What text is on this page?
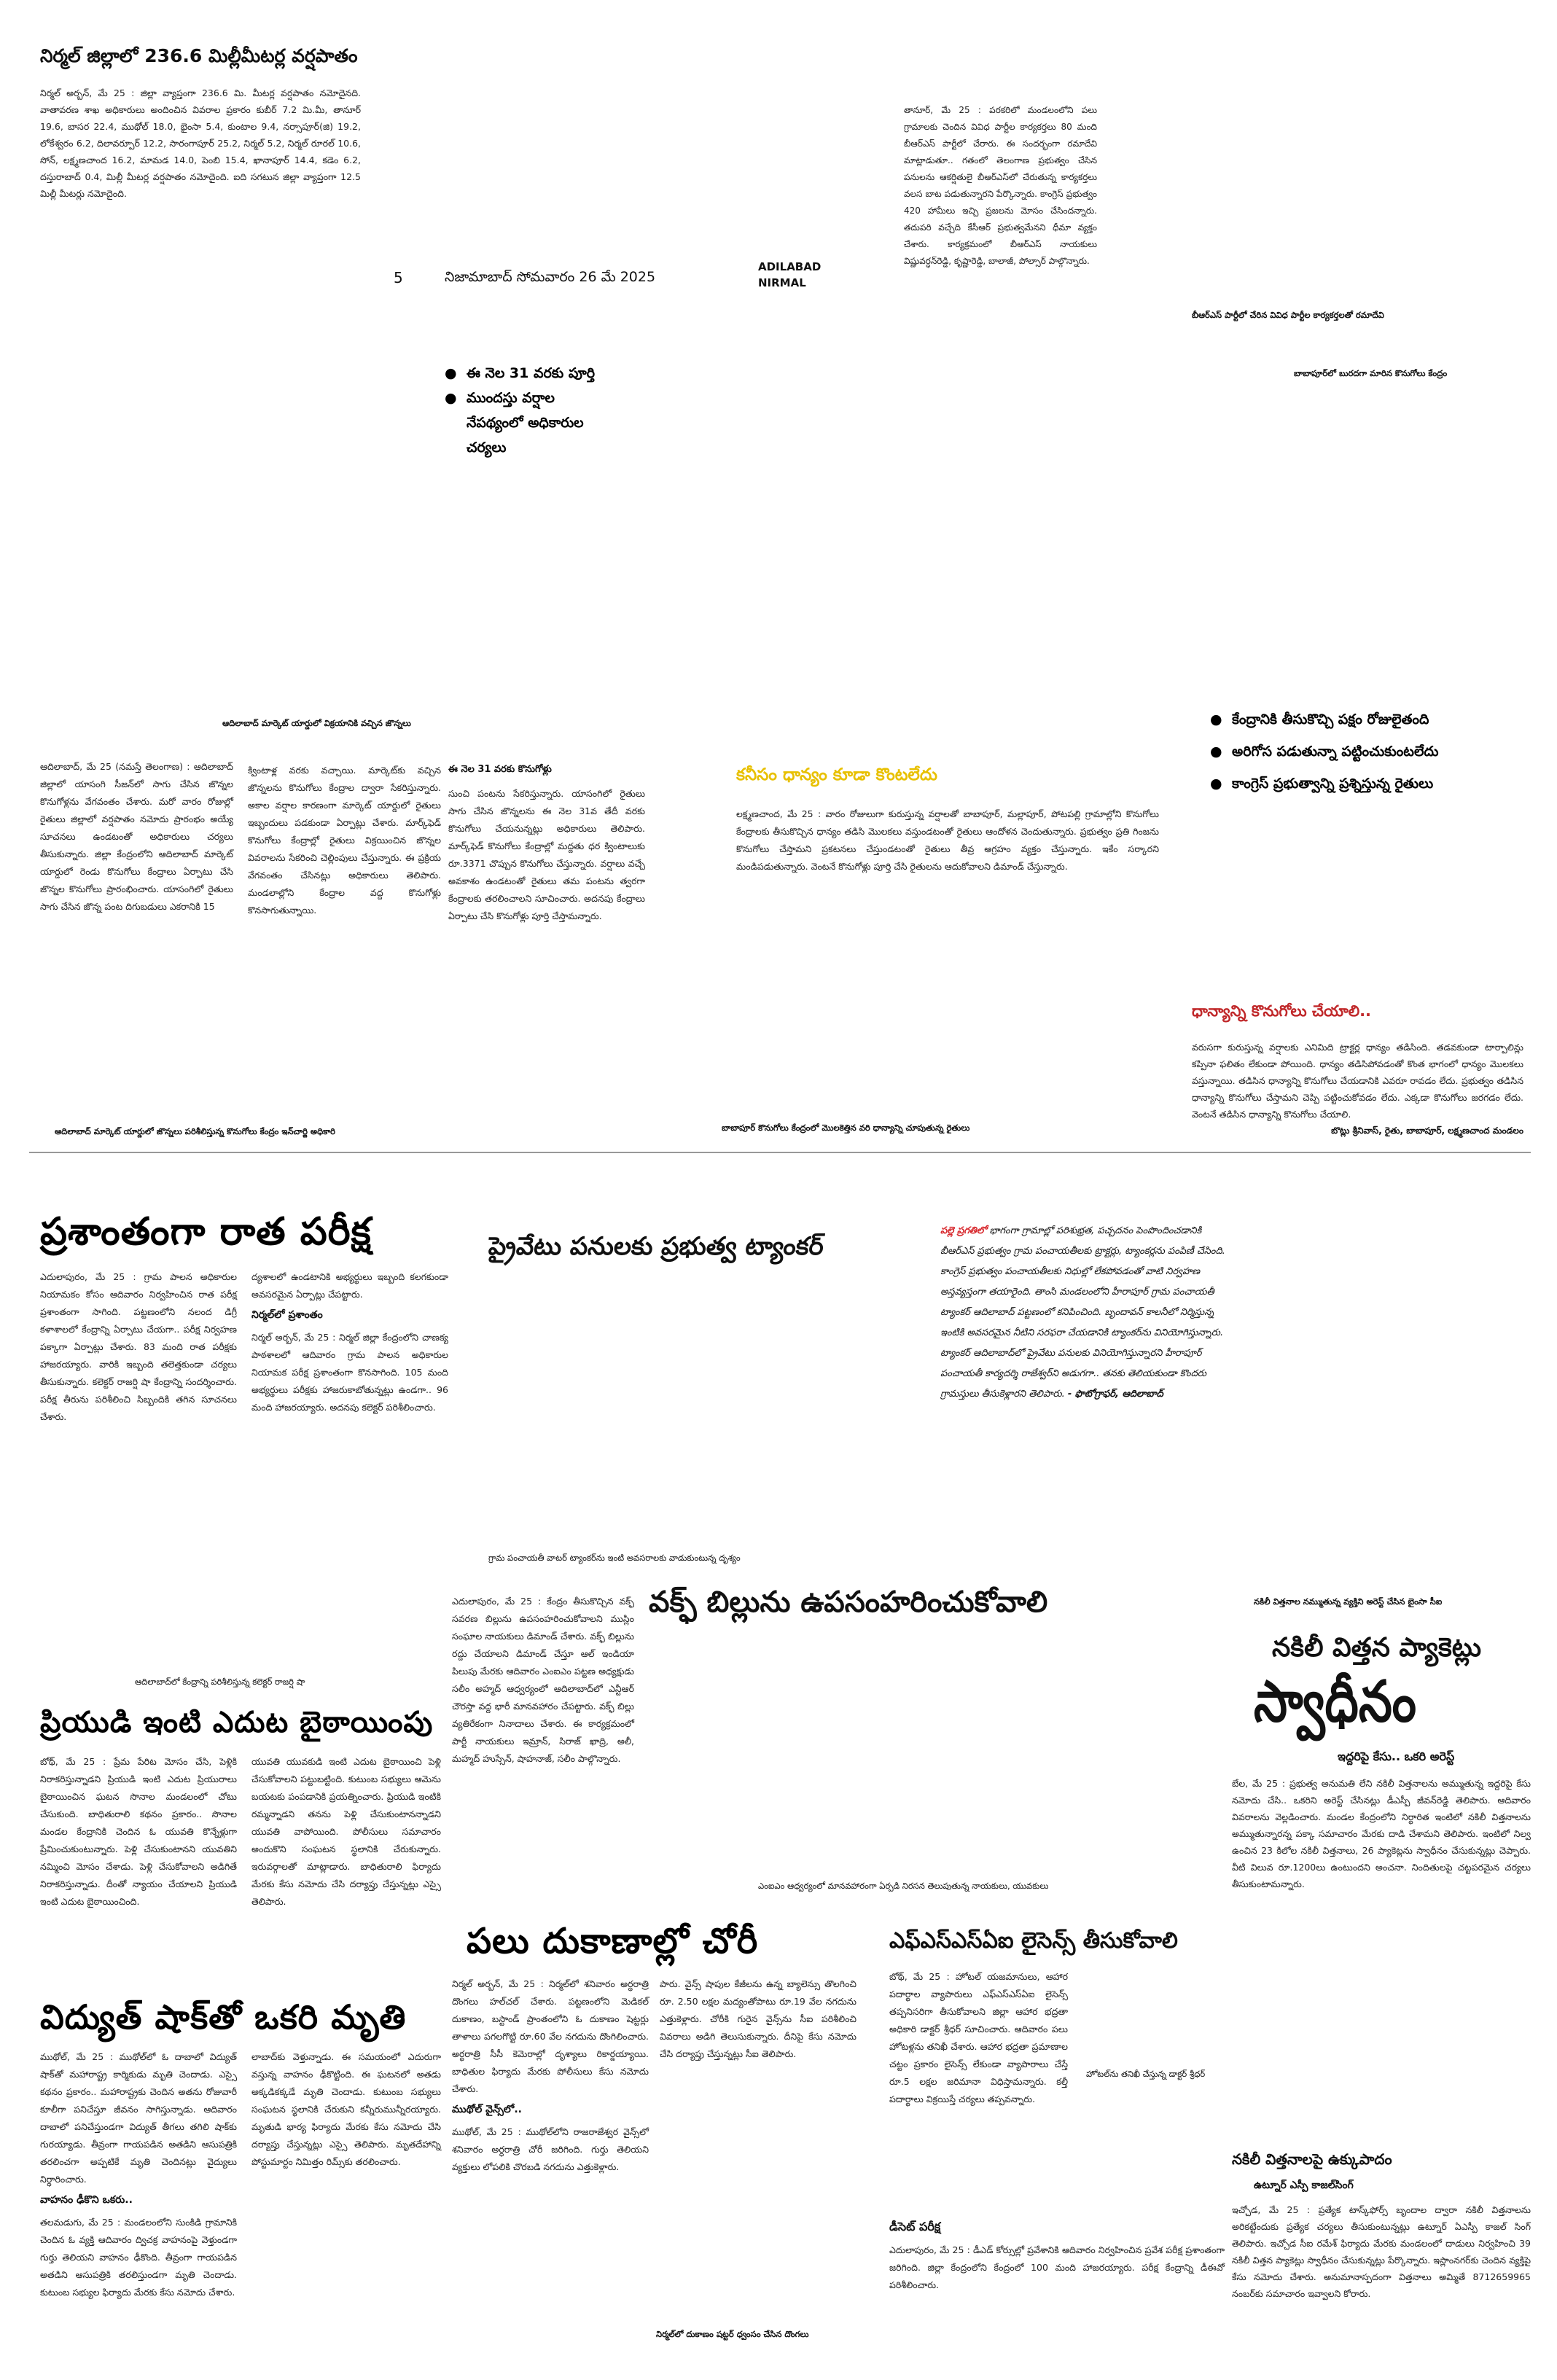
5	నిజామాబాద్ సోమవారం 26 మే 2025
ADILABAD
NIRMAL
నిర్మల్ జిల్లాలో 236.6 మిల్లీమీటర్ల వర్షపాతం

నిర్మల్ అర్బన్, మే 25 : జిల్లా వ్యాప్తంగా 236.6 మి. మీటర్ల వర్షపాతం నమోదైనది. వాతావరణ శాఖ అధికారులు అందించిన వివరాల ప్రకారం కుబీర్ 7.2 మి.మీ, తానూర్ 19.6, బాసర 22.4, ముథోల్ 18.0, భైంసా 5.4, కుంటాల 9.4, నర్సాపూర్(జి) 19.2, లోకేశ్వరం 6.2, దిలావర్పూర్ 12.2, సారంగాపూర్ 25.2, నిర్మల్ 5.2, నిర్మల్ రూరల్ 10.6, సోన్, లక్ష్మణచాంద 16.2, మామడ 14.0, పెంబి 15.4, ఖానాపూర్ 14.4, కడెం 6.2, దస్తురాబాద్ 0.4, మిల్లీ మీటర్ల వర్షపాతం నమోదైంది. ఐది సగటున జిల్లా వ్యాప్తంగా 12.5 మిల్లీ మీటర్లు నమోదైంది.

తానూర్, మే 25 : పరకరిలో మండలంలోని పలు గ్రామాలకు చెందిన వివిధ పార్టీల కార్యకర్తలు 80 మంది బీఆర్ఎస్ పార్టీలో చేరారు. ఈ సందర్భంగా రమాదేవి మాట్లాడుతూ.. గతంలో తెలంగాణ ప్రభుత్వం చేసిన పనులను ఆకర్షితులై బీఆర్ఎస్‌లో చేరుతున్న కార్యకర్తలు వలస బాట పడుతున్నారని పేర్కొన్నారు. కాంగ్రెస్ ప్రభుత్వం 420 హామీలు ఇచ్చి ప్రజలను మోసం చేసిందన్నారు. తదుపరి వచ్చేది కేసీఆర్ ప్రభుత్వమేనని ధీమా వ్యక్తం చేశారు. కార్యక్రమంలో బీఆర్ఎస్ నాయకులు విష్ణువర్ధన్‌రెడ్డి, కృష్ణారెడ్డి, బాలాజీ, పోల్సార్ పాల్గొన్నారు.

బీఆర్ఎస్ పార్టీలో చేరిన వివిధ పార్టీల కార్యకర్తలతో రమాదేవి
● ఈ నెల 31 వరకు పూర్తి
● ముందస్తు వర్షాల నేపథ్యంలో అధికారుల చర్యలు
బాబాపూర్‌లో బురదగా మారిన కొనుగోలు కేంద్రం
ఆదిలాబాద్ మార్కెట్ యార్డులో విక్రయానికి వచ్చిన జొన్నలు
●	కేంద్రానికి తీసుకొచ్చి పక్షం రోజులైతంది
● అరిగోస పడుతున్నా పట్టించుకుంటలేదు
● కాంగ్రెస్ ప్రభుత్వాన్ని ప్రశ్నిస్తున్న రైతులు

ఆదిలాబాద్, మే 25 (నమస్తే తెలంగాణ) : ఆదిలాబాద్ జిల్లాలో యాసంగి సీజన్‌లో సాగు చేసిన జొన్నల కొనుగోళ్లను వేగవంతం చేశారు. మరో వారం రోజుల్లో రైతులు జిల్లాలో వర్షపాతం నమోదు ప్రారంభం అయ్యే సూచనలు ఉండటంతో అధికారులు చర్యలు తీసుకున్నారు. జిల్లా కేంద్రంలోని ఆదిలాబాద్ మార్కెట్ యార్డులో రెండు కొనుగోలు కేంద్రాలు ఏర్పాటు చేసి జొన్నల కొనుగోలు ప్రారంభించారు. యాసంగిలో రైతులు సాగు చేసిన జొన్న పంట దిగుబడులు ఎకరానికి 15

క్వింటాళ్ల వరకు వచ్చాయి. మార్కెట్‌కు వచ్చిన జొన్నలను కొనుగోలు కేంద్రాల ద్వారా సేకరిస్తున్నారు. అకాల వర్షాల కారణంగా మార్కెట్ యార్డులో రైతులు ఇబ్బందులు పడకుండా ఏర్పాట్లు చేశారు. మార్క్‌ఫెడ్ కొనుగోలు కేంద్రాల్లో రైతులు విక్రయించిన జొన్నల వివరాలను సేకరించి చెల్లింపులు చేస్తున్నారు. ఈ ప్రక్రియ వేగవంతం చేసినట్లు అధికారులు తెలిపారు. మండలాల్లోని కేంద్రాల వద్ద కొనుగోళ్లు కొనసాగుతున్నాయి.

ఈ నెల 31 వరకు కొనుగోళ్లు

సుంచి పంటను సేకరిస్తున్నారు. యాసంగిలో రైతులు సాగు చేసిన జొన్నలను ఈ నెల 31వ తేదీ వరకు కొనుగోలు చేయనున్నట్లు అధికారులు తెలిపారు. మార్క్‌ఫెడ్ కొనుగోలు కేంద్రాల్లో మద్దతు ధర క్వింటాలుకు రూ.3371 చొప్పున కొనుగోలు చేస్తున్నారు. వర్షాలు వచ్చే అవకాశం ఉండటంతో రైతులు తమ పంటను త్వరగా కేంద్రాలకు తరలించాలని సూచించారు. అదనపు కేంద్రాలు ఏర్పాటు చేసి కొనుగోళ్లు పూర్తి చేస్తామన్నారు.

ఆదిలాబాద్ మార్కెట్ యార్డులో జొన్నలు పరిశీలిస్తున్న కొనుగోలు కేంద్రం ఇన్‌చార్జి అధికారి
కనీసం ధాన్యం కూడా కొంటలేదు

లక్ష్మణచాంద, మే 25 : వారం రోజులుగా కురుస్తున్న వర్షాలతో బాబాపూర్, మల్లాపూర్, పోటపల్లి గ్రామాల్లోని కొనుగోలు కేంద్రాలకు తీసుకొచ్చిన ధాన్యం తడిసి మొలకలు వస్తుండటంతో రైతులు ఆందోళన చెందుతున్నారు. ప్రభుత్వం ప్రతి గింజను కొనుగోలు చేస్తామని ప్రకటనలు చేస్తుండటంతో రైతులు తీవ్ర ఆగ్రహం వ్యక్తం చేస్తున్నారు. ఇకేం సర్కారని మండిపడుతున్నారు. వెంటనే కొనుగోళ్లు పూర్తి చేసి రైతులను ఆదుకోవాలని డిమాండ్ చేస్తున్నారు.

బాబాపూర్ కొనుగోలు కేంద్రంలో మొలకెత్తిన వరి ధాన్యాన్ని చూపుతున్న రైతులు
ధాన్యాన్ని కొనుగోలు చేయాలి..

వరుసగా కురుస్తున్న వర్షాలకు ఎనిమిది ట్రాక్టర్ల ధాన్యం తడిసింది. తడవకుండా టార్పాలిన్లు కప్పినా ఫలితం లేకుండా పోయింది. ధాన్యం తడిసిపోవడంతో కొంత భాగంలో ధాన్యం మొలకలు వస్తున్నాయి. తడిసిన ధాన్యాన్ని కొనుగోలు చేయడానికి ఎవరూ రావడం లేదు. ప్రభుత్వం తడిసిన ధాన్యాన్ని కొనుగోలు చేస్తామని చెప్పి పట్టించుకోవడం లేదు. ఎక్కడా కొనుగోలు జరగడం లేదు. వెంటనే తడిసిన ధాన్యాన్ని కొనుగోలు చేయాలి.

బొట్లు శ్రీనివాస్, రైతు, బాబాపూర్, లక్ష్మణచాంద మండలం
ప్రశాంతంగా రాత పరీక్ష

ఎదులాపురం, మే 25 : గ్రామ పాలన అధికారుల నియామకం కోసం ఆదివారం నిర్వహించిన రాత పరీక్ష ప్రశాంతంగా సాగింది. పట్టణంలోని నలంద డిగ్రీ కళాశాలలో కేంద్రాన్ని ఏర్పాటు చేయగా.. పరీక్ష నిర్వహణ పక్కాగా ఏర్పాట్లు చేశారు. 83 మంది రాత పరీక్షకు హాజరయ్యారు. వారికి ఇబ్బంది తలెత్తకుండా చర్యలు తీసుకున్నారు. కలెక్టర్ రాజర్షి షా కేంద్రాన్ని సందర్శించారు. పరీక్ష తీరును పరిశీలించి సిబ్బందికి తగిన సూచనలు చేశారు.

ద్యశాలలో ఉండటానికి అభ్యర్థులు ఇబ్బంది కలగకుండా అవసరమైన ఏర్పాట్లు చేపట్టారు.

నిర్మల్‌లో ప్రశాంతం

నిర్మల్ అర్బన్, మే 25 : నిర్మల్ జిల్లా కేంద్రంలోని చాణక్య పాఠశాలలో ఆదివారం గ్రామ పాలన అధికారుల నియామక పరీక్ష ప్రశాంతంగా కొనసాగింది. 105 మంది అభ్యర్థులు పరీక్షకు హాజరుకాబోతున్నట్లు ఉండగా.. 96 మంది హాజరయ్యారు. అదనపు కలెక్టర్ పరిశీలించారు.

ప్రైవేటు పనులకు ప్రభుత్వ ట్యాంకర్
పల్లె ప్రగతిలో భాగంగా గ్రామాల్లో పరిశుభ్రత, పచ్చదనం పెంపొందించడానికి బీఆర్ఎస్ ప్రభుత్వం గ్రామ పంచాయతీలకు ట్రాక్టర్లు, ట్యాంకర్లను పంపిణీ చేసింది. కాంగ్రెస్ ప్రభుత్వం పంచాయతీలకు నిధుల్లో లేకపోవడంతో వాటి నిర్వహణ అస్తవ్యస్తంగా తయారైంది. తాంసి మండలంలోని హీరాపూర్ గ్రామ పంచాయతీ ట్యాంకర్ ఆదిలాబాద్ పట్టణంలో కనిపించింది. బృందావన్ కాలనీలో నిర్మిస్తున్న ఇంటికి అవసరమైన నీటిని సరఫరా చేయడానికి ట్యాంకర్‌ను వినియోగిస్తున్నారు. ట్యాంకర్ ఆదిలాబాద్‌లో ప్రైవేటు పనులకు వినియోగిస్తున్నారని హీరాపూర్ పంచాయతీ కార్యదర్శి రాజేశ్వర్‌ని అడుగగా.. తనకు తెలియకుండా కొందరు గ్రామస్తులు తీసుకెళ్లారని తెలిపారు. - ఫొటోగ్రాఫర్, ఆదిలాబాద్
గ్రామ పంచాయతీ వాటర్ ట్యాంకర్‌ను ఇంటి అవసరాలకు వాడుకుంటున్న దృశ్యం
వక్ఫ్ బిల్లును ఉపసంహరించుకోవాలి

ఎదులాపురం, మే 25 : కేంద్రం తీసుకొచ్చిన వక్ఫ్ సవరణ బిల్లును ఉపసంహరించుకోవాలని ముస్లిం సంఘాల నాయకులు డిమాండ్ చేశారు. వక్ఫ్ బిల్లును రద్దు చేయాలని డిమాండ్ చేస్తూ ఆల్ ఇండియా పిలుపు మేరకు ఆదివారం ఎంఐఎం పట్టణ అధ్యక్షుడు సలీం అహ్మద్ ఆధ్వర్యంలో ఆదిలాబాద్‌లో ఎన్టీఆర్ చౌరస్తా వద్ద భారీ మానవహారం చేపట్టారు. వక్ఫ్ బిల్లు వ్యతిరేకంగా నినాదాలు చేశారు. ఈ కార్యక్రమంలో పార్టీ నాయకులు ఇమ్రాన్, సిరాజ్ ఖాద్రి, అలీ, మహ్మద్ హుస్సేన్, షాహనాజ్, సలీం పాల్గొన్నారు.

ఎంఐఎం ఆధ్వర్యంలో మానవహారంగా ఏర్పడి నిరసన తెలుపుతున్న నాయకులు, యువకులు
నకిలీ విత్తనాల నమ్ముతున్న వ్యక్తిని అరెస్ట్ చేసిన బైంసా సీఐ
నకిలీ విత్తన ప్యాకెట్లు
స్వాధీనం
ఇద్దరిపై కేసు.. ఒకరి అరెస్ట్

బేల, మే 25 : ప్రభుత్వ అనుమతి లేని నకిలీ విత్తనాలను అమ్ముతున్న ఇద్దరిపై కేసు నమోదు చేసి.. ఒకరిని అరెస్ట్ చేసినట్లు డీఎస్పీ జీవన్‌రెడ్డి తెలిపారు. ఆదివారం వివరాలను వెల్లడించారు. మండల కేంద్రంలోని నిర్ధారిత ఇంటిలో నకిలీ విత్తనాలను అమ్ముతున్నారన్న పక్కా సమాచారం మేరకు దాడి చేశామని తెలిపారు. ఇంటిలో నిల్వ ఉంచిన 23 కిలోల నకిలీ విత్తనాలు, 26 ప్యాకెట్లను స్వాధీనం చేసుకున్నట్లు చెప్పారు. వీటి విలువ రూ.1200లు ఉంటుందని అంచనా. నిందితులపై చట్టపరమైన చర్యలు తీసుకుంటామన్నారు.

నకిలీ విత్తనాలపై ఉక్కుపాదం
ఉట్నూర్ ఎస్పీ కాజల్‌సింగ్

ఇచ్చోడ, మే 25 : ప్రత్యేక టాస్క్‌ఫోర్స్ బృందాల ద్వారా నకిలీ విత్తనాలను అరికట్టేందుకు ప్రత్యేక చర్యలు తీసుకుంటున్నట్లు ఉట్నూర్ ఏఎస్పీ కాజల్ సింగ్ తెలిపారు. ఇచ్చోడ సీఐ రమేశ్‌ ఫిర్యాదు మేరకు మండలంలో దాడులు నిర్వహించి 39 నకిలీ విత్తన ప్యాకెట్లు స్వాధీనం చేసుకున్నట్లు పేర్కొన్నారు. ఇస్లాంనగర్‌కు చెందిన వ్యక్తిపై కేసు నమోదు చేశారు. అనుమానాస్పదంగా విత్తనాలు అమ్మితే 8712659965 నంబర్‌కు సమాచారం ఇవ్వాలని కోరారు.

ఆదిలాబాద్‌లో కేంద్రాన్ని పరిశీలిస్తున్న కలెక్టర్ రాజర్షి షా
ప్రియుడి ఇంటి ఎదుట బైఠాయింపు

బోథ్, మే 25 : ప్రేమ పేరిట మోసం చేసి, పెళ్లికి నిరాకరిస్తున్నాడని ప్రియుడి ఇంటి ఎదుట ప్రియురాలు బైఠాయించిన ఘటన సొనాల మండలంలో చోటు చేసుకుంది. బాధితురాలి కథనం ప్రకారం.. సొనాల మండల కేంద్రానికి చెందిన ఓ యువతి కొన్నేళ్లుగా ప్రేమించుకుంటున్నారు. పెళ్లి చేసుకుంటానని యువతిని నమ్మించి మోసం చేశాడు. పెళ్లి చేసుకోవాలని అడిగితే నిరాకరిస్తున్నాడు. దీంతో న్యాయం చేయాలని ప్రియుడి ఇంటి ఎదుట బైఠాయించింది.

యువతి యువకుడి ఇంటి ఎదుట బైఠాయించి పెళ్లి చేసుకోవాలని పట్టుబట్టింది. కుటుంబ సభ్యులు ఆమెను బయటకు పంపడానికి ప్రయత్నించారు. ప్రియుడి ఇంటికి రమ్మన్నాడని తనను పెళ్లి చేసుకుంటానన్నాడని యువతి వాపోయింది. పోలీసులు సమాచారం అందుకొని సంఘటన స్థలానికి చేరుకున్నారు. ఇరువర్గాలతో మాట్లాడారు. బాధితురాలి ఫిర్యాదు మేరకు కేసు నమోదు చేసి దర్యాప్తు చేస్తున్నట్లు ఎస్సై తెలిపారు.

పలు దుకాణాల్లో చోరీ

నిర్మల్ అర్బన్, మే 25 : నిర్మల్‌లో శనివారం అర్ధరాత్రి దొంగలు హల్‌చల్ చేశారు. పట్టణంలోని మెడికల్ దుకాణం, బస్టాండ్ ప్రాంతంలోని ఓ దుకాణం షెట్టర్లు తాళాలు పగలగొట్టి రూ.60 వేల నగదును దొంగిలించారు. అర్ధరాత్రి సీసీ కెమెరాల్లో దృశ్యాలు రికార్డయ్యాయి. బాధితుల ఫిర్యాదు మేరకు పోలీసులు కేసు నమోదు చేశారు.

ముథోల్ వైన్స్‌లో..

ముథోల్, మే 25 : ముథోల్‌లోని రాజరాజేశ్వర వైన్స్‌లో శనివారం అర్ధరాత్రి చోరీ జరిగింది. గుర్తు తెలియని వ్యక్తులు లోపలికి చొరబడి నగదును ఎత్తుకెళ్లారు.

పారు. వైన్స్ షాపుల కేజీలను ఉన్న బ్యాలెన్సు తొలగించి రూ. 2.50 లక్షల మద్యంతోపాటు రూ.19 వేల నగదును ఎత్తుకెళ్లారు. చోరీకి గురైన వైన్స్‌ను సీఐ పరిశీలించి వివరాలు అడిగి తెలుసుకున్నారు. దీనిపై కేసు నమోదు చేసి దర్యాప్తు చేస్తున్నట్లు సీఐ తెలిపారు.

నిర్మల్‌లో దుకాణం షట్టర్ ధ్వంసం చేసిన దొంగలు
ఎఫ్ఎస్ఎస్ఏఐ లైసెన్స్ తీసుకోవాలి

బోథ్, మే 25 : హోటల్ యజమానులు, ఆహార పదార్థాల వ్యాపారులు ఎఫ్ఎస్ఎస్ఏఐ లైసెన్స్ తప్పనిసరిగా తీసుకోవాలని జిల్లా ఆహార భద్రతా అధికారి డాక్టర్ శ్రీధర్ సూచించారు. ఆదివారం పలు హోటళ్లను తనిఖీ చేశారు. ఆహార భద్రతా ప్రమాణాల చట్టం ప్రకారం లైసెన్స్ లేకుండా వ్యాపారాలు చేస్తే రూ.5 లక్షల జరిమానా విధిస్తామన్నారు. కల్తీ పదార్థాలు విక్రయిస్తే చర్యలు తప్పవన్నారు.

హోటల్‌ను తనిఖీ చేస్తున్న డాక్టర్ శ్రీధర్
డీసెట్ పరీక్ష

ఎదులాపురం, మే 25 : డీఎడ్ కోర్సుల్లో ప్రవేశానికి ఆదివారం నిర్వహించిన ప్రవేశ పరీక్ష ప్రశాంతంగా జరిగింది. జిల్లా కేంద్రంలోని కేంద్రంలో 100 మంది హాజరయ్యారు. పరీక్ష కేంద్రాన్ని డీఈవో పరిశీలించారు.

విద్యుత్ షాక్‌తో ఒకరి మృతి

ముథోల్, మే 25 : ముథోల్‌లో ఓ దాబాలో విద్యుత్ షాక్‌తో మహారాష్ట్ర కార్మికుడు మృతి చెందాడు. ఎస్సై కథనం ప్రకారం.. మహారాష్ట్రకు చెందిన అతను రోజువారీ కూలీగా పనిచేస్తూ జీవనం సాగిస్తున్నాడు. ఆదివారం దాబాలో పనిచేస్తుండగా విద్యుత్ తీగలు తగిలి షాక్‌కు గురయ్యాడు. తీవ్రంగా గాయపడిన అతడిని ఆసుపత్రికి తరలించగా అప్పటికే మృతి చెందినట్లు వైద్యులు నిర్ధారించారు.

వాహనం ఢీకొని ఒకరు..

తలమడుగు, మే 25 : మండలంలోని సుంకిడి గ్రామానికి చెందిన ఓ వ్యక్తి ఆదివారం ద్విచక్ర వాహనంపై వెళ్తుండగా గుర్తు తెలియని వాహనం ఢీకొంది. తీవ్రంగా గాయపడిన అతడిని ఆసుపత్రికి తరలిస్తుండగా మృతి చెందాడు. కుటుంబ సభ్యుల ఫిర్యాదు మేరకు కేసు నమోదు చేశారు.

లాబాద్‌కు వెళ్తున్నాడు. ఈ సమయంలో ఎదురుగా వస్తున్న వాహనం ఢీకొట్టింది. ఈ ఘటనలో అతడు అక్కడికక్కడే మృతి చెందాడు. కుటుంబ సభ్యులు సంఘటన స్థలానికి చేరుకుని కన్నీరుమున్నీరయ్యారు. మృతుడి భార్య ఫిర్యాదు మేరకు కేసు నమోదు చేసి దర్యాప్తు చేస్తున్నట్లు ఎస్సై తెలిపారు. మృతదేహాన్ని పోస్టుమార్టం నిమిత్తం రిమ్స్‌కు తరలించారు.
